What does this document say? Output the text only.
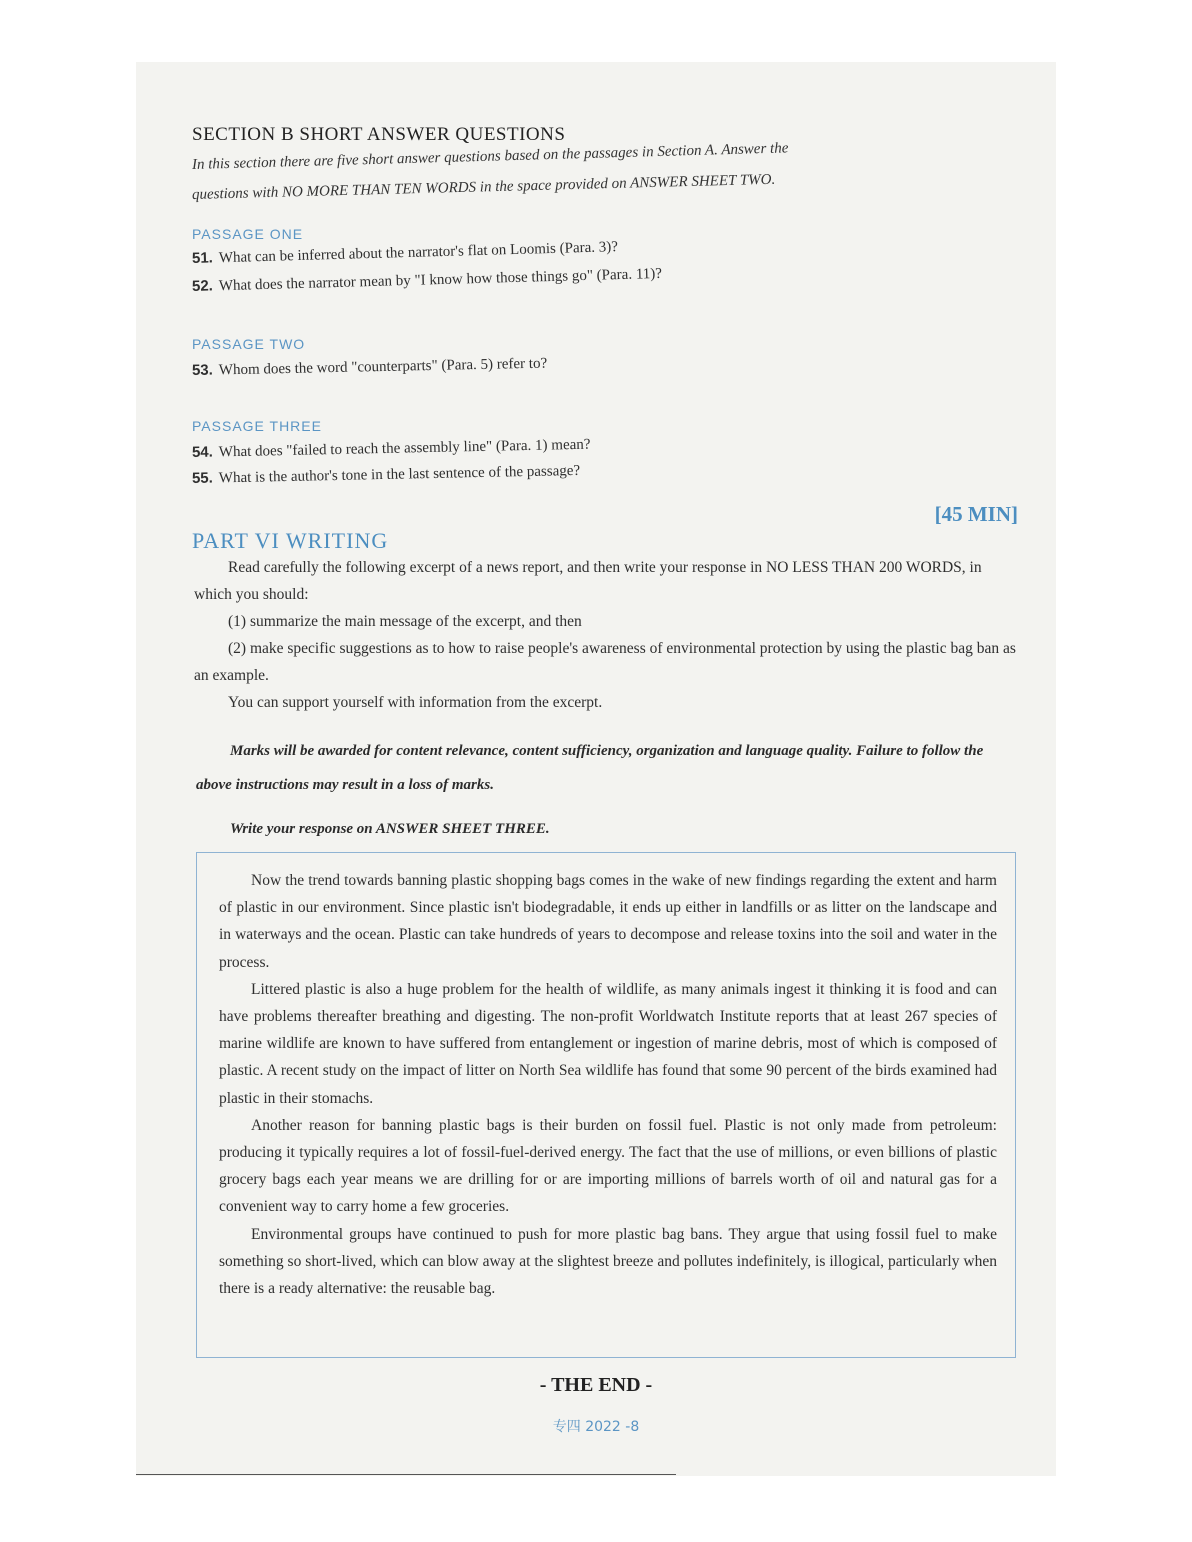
SECTION B SHORT ANSWER QUESTIONS
In this section there are five short answer questions based on the passages in Section A. Answer the
questions with NO MORE THAN TEN WORDS in the space provided on ANSWER SHEET TWO.
PASSAGE ONE
51. What can be inferred about the narrator's flat on Loomis (Para. 3)?
52. What does the narrator mean by "I know how those things go" (Para. 11)?
PASSAGE TWO
53. Whom does the word "counterparts" (Para. 5) refer to?
PASSAGE THREE
54. What does "failed to reach the assembly line" (Para. 1) mean?
55. What is the author's tone in the last sentence of the passage?
[45 MIN]
PART VI WRITING

Read carefully the following excerpt of a news report, and then write your response in NO LESS THAN 200 WORDS, in which you should:

(1) summarize the main message of the excerpt, and then

(2) make specific suggestions as to how to raise people's awareness of environmental protection by using the plastic bag ban as an example.

You can support yourself with information from the excerpt.

Marks will be awarded for content relevance, content sufficiency, organization and language quality. Failure to follow the above instructions may result in a loss of marks.

Write your response on ANSWER SHEET THREE.

Now the trend towards banning plastic shopping bags comes in the wake of new findings regarding the extent and harm of plastic in our environment. Since plastic isn't biodegradable, it ends up either in landfills or as litter on the landscape and in waterways and the ocean. Plastic can take hundreds of years to decompose and release toxins into the soil and water in the process.

Littered plastic is also a huge problem for the health of wildlife, as many animals ingest it thinking it is food and can have problems thereafter breathing and digesting. The non-profit Worldwatch Institute reports that at least 267 species of marine wildlife are known to have suffered from entanglement or ingestion of marine debris, most of which is composed of plastic. A recent study on the impact of litter on North Sea wildlife has found that some 90 percent of the birds examined had plastic in their stomachs.

Another reason for banning plastic bags is their burden on fossil fuel. Plastic is not only made from petroleum: producing it typically requires a lot of fossil-fuel-derived energy. The fact that the use of millions, or even billions of plastic grocery bags each year means we are drilling for or are importing millions of barrels worth of oil and natural gas for a convenient way to carry home a few groceries.

Environmental groups have continued to push for more plastic bag bans. They argue that using fossil fuel to make something so short-lived, which can blow away at the slightest breeze and pollutes indefinitely, is illogical, particularly when there is a ready alternative: the reusable bag.

- THE END -
专四 2022 -8
